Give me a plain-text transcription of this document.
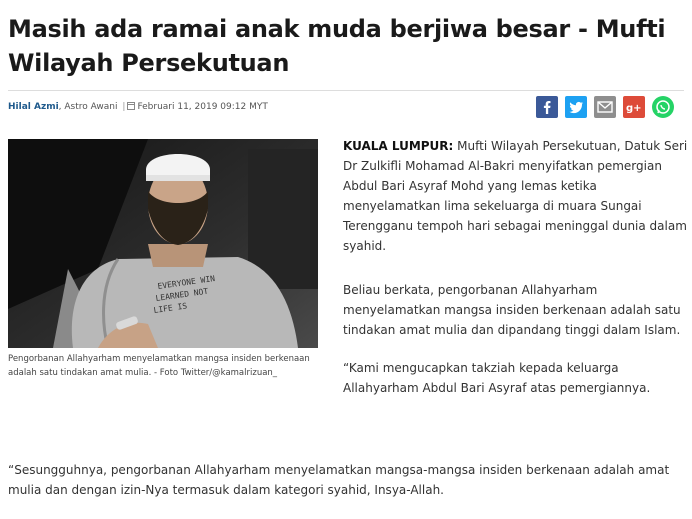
Masih ada ramai anak muda berjiwa besar - Mufti Wilayah Persekutuan
Hilal Azmi, Astro Awani | Februari 11, 2019 09:12 MYT	g+
EVERYONE WIN
LEARNED NOT
LIFE IS

Pengorbanan Allahyarham menyelamatkan mangsa insiden berkenaan adalah satu tindakan amat mulia. - Foto Twitter/@kamalrizuan_

KUALA LUMPUR: Mufti Wilayah Persekutuan, Datuk Seri Dr Zulkifli Mohamad Al-Bakri menyifatkan pemergian Abdul Bari Asyraf Mohd yang lemas ketika menyelamatkan lima sekeluarga di muara Sungai Terengganu tempoh hari sebagai meninggal dunia dalam syahid.

Beliau berkata, pengorbanan Allahyarham menyelamatkan mangsa insiden berkenaan adalah satu tindakan amat mulia dan dipandang tinggi dalam Islam.

“Kami mengucapkan takziah kepada keluarga Allahyarham Abdul Bari Asyraf atas pemergiannya.

“Sesungguhnya, pengorbanan Allahyarham menyelamatkan mangsa-mangsa insiden berkenaan adalah amat mulia dan dengan izin-Nya termasuk dalam kategori syahid, Insya-Allah.
